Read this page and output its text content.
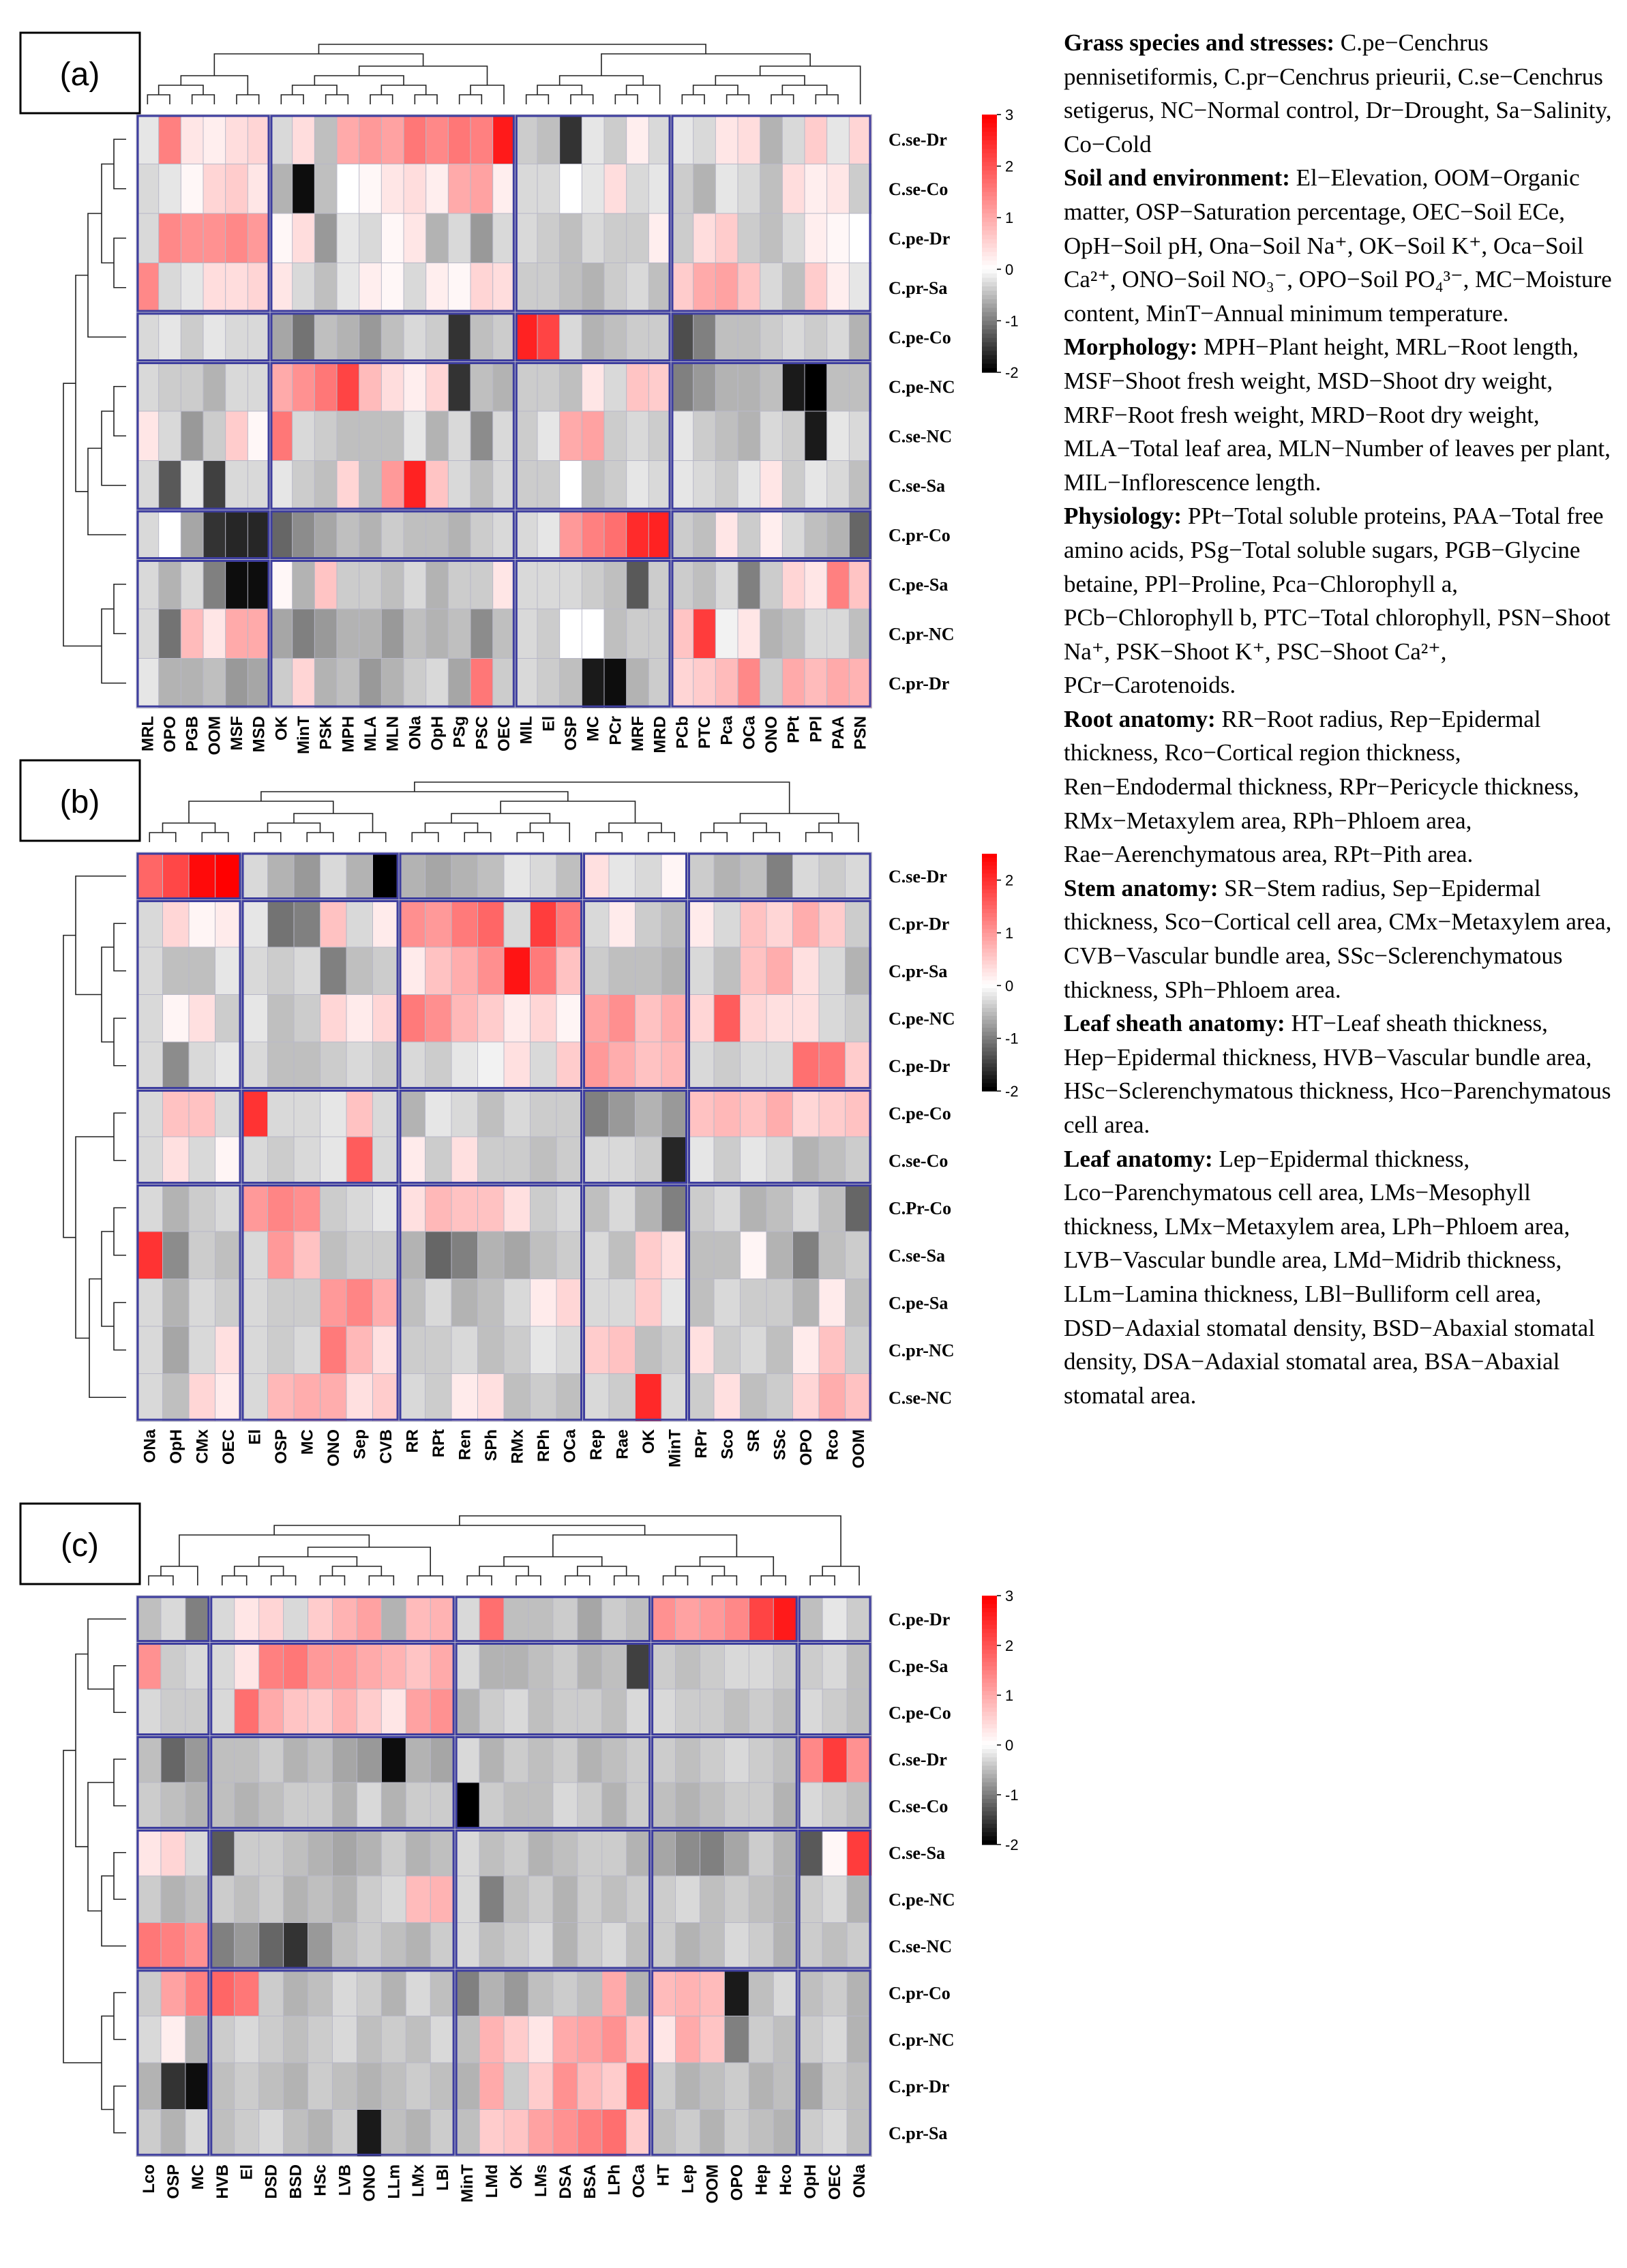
(a)
C.se-Dr
C.se-Co
C.pe-Dr
C.pr-Sa
C.pe-Co
C.pe-NC
C.se-NC
C.se-Sa
C.pr-Co
C.pe-Sa
C.pr-NC
C.pr-Dr
MRL OPO PGB OOM MSF MSD OK MinT PSK MPH MLA MLN ONa OpH PSg PSC OEC MIL El OSP MC PCr MRF MRD PCb PTC Pca OCa ONO PPt PPl PAA PSN
3
2
1
0
-1
-2
(b)
C.se-Dr
C.pr-Dr
C.pr-Sa
C.pe-NC
C.pe-Dr
C.pe-Co
C.se-Co
C.Pr-Co
C.se-Sa
C.pe-Sa
C.pr-NC
C.se-NC
ONa OpH CMx OEC El OSP MC ONO Sep CVB RR RPt Ren SPh RMx RPh OCa Rep Rae OK MinT RPr Sco SR SSc OPO Rco OOM
2
1
0
-1
-2
(c)
C.pe-Dr
C.pe-Sa
C.pe-Co
C.se-Dr
C.se-Co
C.se-Sa
C.pe-NC
C.se-NC
C.pr-Co
C.pr-NC
C.pr-Dr
C.pr-Sa
Lco OSP MC HVB El DSD BSD HSc LVB ONO LLm LMx LBl MinT LMd OK LMs DSA BSA LPh OCa HT Lep OOM OPO Hep Hco OpH OEC ONa
3
2
1
0
-1
-2

Grass species and stresses: C.pe−Cenchrus pennisetiformis, C.pr−Cenchrus prieurii, C.se−Cenchrus setigerus, NC−Normal control, Dr−Drought, Sa−Salinity, Co−Cold

Soil and environment: El−Elevation, OOM−Organic matter, OSP−Saturation percentage, OEC−Soil ECe, OpH−Soil pH, Ona−Soil Na⁺, OK−Soil K⁺, Oca−Soil Ca²⁺, ONO−Soil NO₃⁻, OPO−Soil PO₄³⁻, MC−Moisture content, MinT−Annual minimum temperature.

Morphology: MPH−Plant height, MRL−Root length, MSF−Shoot fresh weight, MSD−Shoot dry weight, MRF−Root fresh weight, MRD−Root dry weight, MLA−Total leaf area, MLN−Number of leaves per plant, MIL−Inflorescence length.

Physiology: PPt−Total soluble proteins, PAA−Total free amino acids, PSg−Total soluble sugars, PGB−Glycine betaine, PPl−Proline, Pca−Chlorophyll a, PCb−Chlorophyll b, PTC−Total chlorophyll, PSN−Shoot Na⁺, PSK−Shoot K⁺, PSC−Shoot Ca²⁺, PCr−Carotenoids.

Root anatomy: RR−Root radius, Rep−Epidermal thickness, Rco−Cortical region thickness, Ren−Endodermal thickness, RPr−Pericycle thickness, RMx−Metaxylem area, RPh−Phloem area, Rae−Aerenchymatous area, RPt−Pith area.

Stem anatomy: SR−Stem radius, Sep−Epidermal thickness, Sco−Cortical cell area, CMx−Metaxylem area, CVB−Vascular bundle area, SSc−Sclerenchymatous thickness, SPh−Phloem area.

Leaf sheath anatomy: HT−Leaf sheath thickness, Hep−Epidermal thickness, HVB−Vascular bundle area, HSc−Sclerenchymatous thickness, Hco−Parenchymatous cell area.

Leaf anatomy: Lep−Epidermal thickness, Lco−Parenchymatous cell area, LMs−Mesophyll thickness, LMx−Metaxylem area, LPh−Phloem area, LVB−Vascular bundle area, LMd−Midrib thickness, LLm−Lamina thickness, LBl−Bulliform cell area, DSD−Adaxial stomatal density, BSD−Abaxial stomatal density, DSA−Adaxial stomatal area, BSA−Abaxial stomatal area.
